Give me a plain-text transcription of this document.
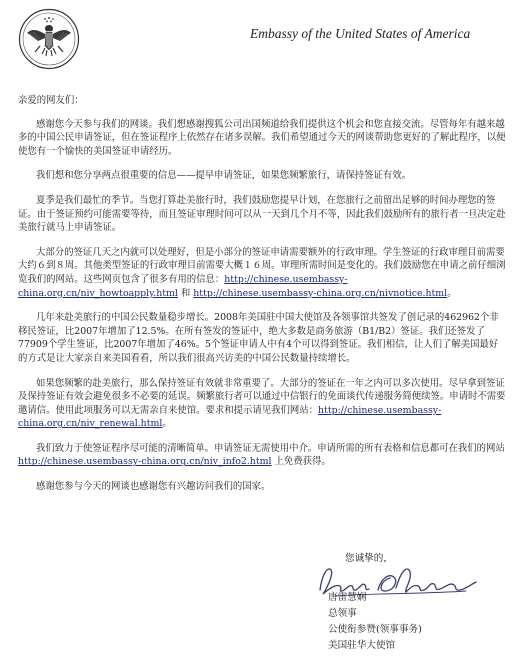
Embassy of the United States of America

亲爱的网友们：

感谢您今天参与我们的网谈。我们想感谢搜狐公司出国频道给我们提供这个机会和您直接交流。尽管每年有越来越多的中国公民申请签证，但在签证程序上依然存在诸多误解。我们希望通过今天的网谈帮助您更好的了解此程序，以便使您有一个愉快的美国签证申请经历。

我们想和您分享两点很重要的信息——提早申请签证，如果您频繁旅行，请保持签证有效。

夏季是我们最忙的季节。当您打算赴美旅行时，我们鼓励您提早计划，在您旅行之前留出足够的时间办理您的签证。由于签证预约可能需要等待，而且签证审理时间可以从一天到几个月不等，因此我们鼓励所有的旅行者一旦决定赴美旅行就马上申请签证。

大部分的签证几天之内就可以处理好，但是小部分的签证申请需要额外的行政审理。学生签证的行政审理目前需要大约６到８周。其他类型签证的行政审理目前需要大概１６周。审理所需时间是变化的。我们鼓励您在申请之前仔细浏览我们的网站。这些网页包含了很多有用的信息：http://chinese.usembassy-china.org.cn/niv_howtoapply.html 和 http://chinese.usembassy-china.org.cn/nivnotice.html。

几年来赴美旅行的中国公民数量稳步增长。2008年美国驻中国大使馆及各领事馆共签发了创记录的462962个非移民签证，比2007年增加了12.5%。在所有签发的签证中，绝大多数是商务旅游（B1/B2）签证。我们还签发了77909个学生签证，比2007年增加了46%。5个签证申请人中有4个可以得到签证。我们相信，让人们了解美国最好的方式是让大家亲自来美国看看，所以我们很高兴访美的中国公民数量持续增长。

如果您频繁的赴美旅行，那么保持签证有效就非常重要了。大部分的签证在一年之内可以多次使用。尽早拿到签证及保持签证有效会避免很多不必要的延误。频繁旅行者可以通过中信银行的免面谈代传递服务简便续签。申请时不需要邀请信。使用此项服务可以无需亲自来使馆。要求和提示请见我们网站：http://chinese.usembassy-china.org.cn/niv_renewal.html。

我们致力于使签证程序尽可能的清晰简单。申请签证无需使用中介。申请所需的所有表格和信息都可在我们的网站 http://chinese.usembassy-china.org.cn/niv_info2.html 上免费获得。

感谢您参与今天的网谈也感谢您有兴趣访问我们的国家。

您诚挚的，
唐雷慧娴
总领事
公使衔参赞(领事事务)
美国驻华大使馆
